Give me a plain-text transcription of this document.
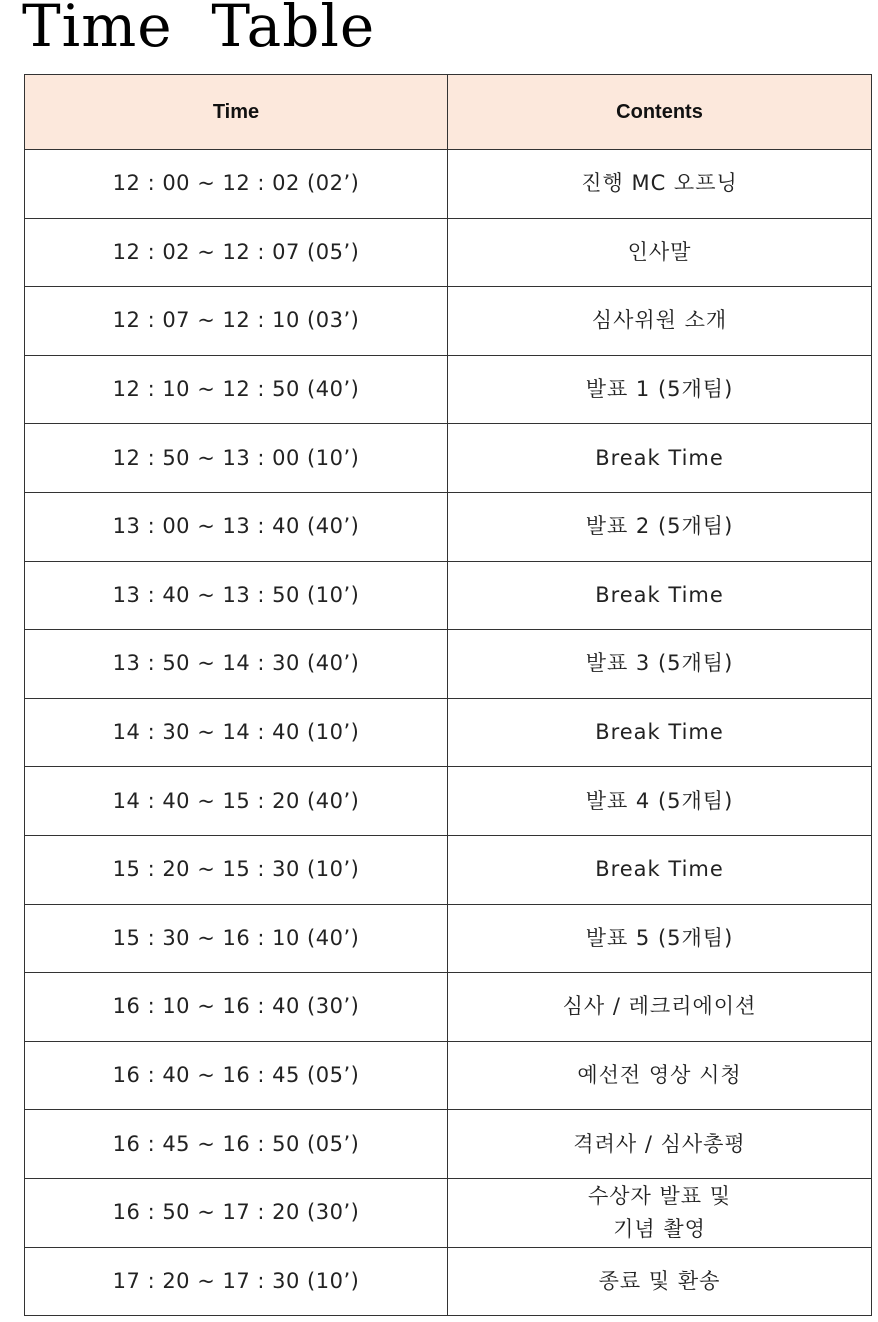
Time  Table
Time	Contents
12 : 00 ~ 12 : 02 (02’)	진행 MC 오프닝
12 : 02 ~ 12 : 07 (05’)	인사말
12 : 07 ~ 12 : 10 (03’)	심사위원 소개
12 : 10 ~ 12 : 50 (40’)	발표 1 (5개팀)
12 : 50 ~ 13 : 00 (10’)	Break Time
13 : 00 ~ 13 : 40 (40’)	발표 2 (5개팀)
13 : 40 ~ 13 : 50 (10’)	Break Time
13 : 50 ~ 14 : 30 (40’)	발표 3 (5개팀)
14 : 30 ~ 14 : 40 (10’)	Break Time
14 : 40 ~ 15 : 20 (40’)	발표 4 (5개팀)
15 : 20 ~ 15 : 30 (10’)	Break Time
15 : 30 ~ 16 : 10 (40’)	발표 5 (5개팀)
16 : 10 ~ 16 : 40 (30’)	심사 / 레크리에이션
16 : 40 ~ 16 : 45 (05’)	예선전 영상 시청
16 : 45 ~ 16 : 50 (05’)	격려사 / 심사총평
16 : 50 ~ 17 : 20 (30’)	수상자 발표 및
기념 촬영
17 : 20 ~ 17 : 30 (10’)	종료 및 환송
